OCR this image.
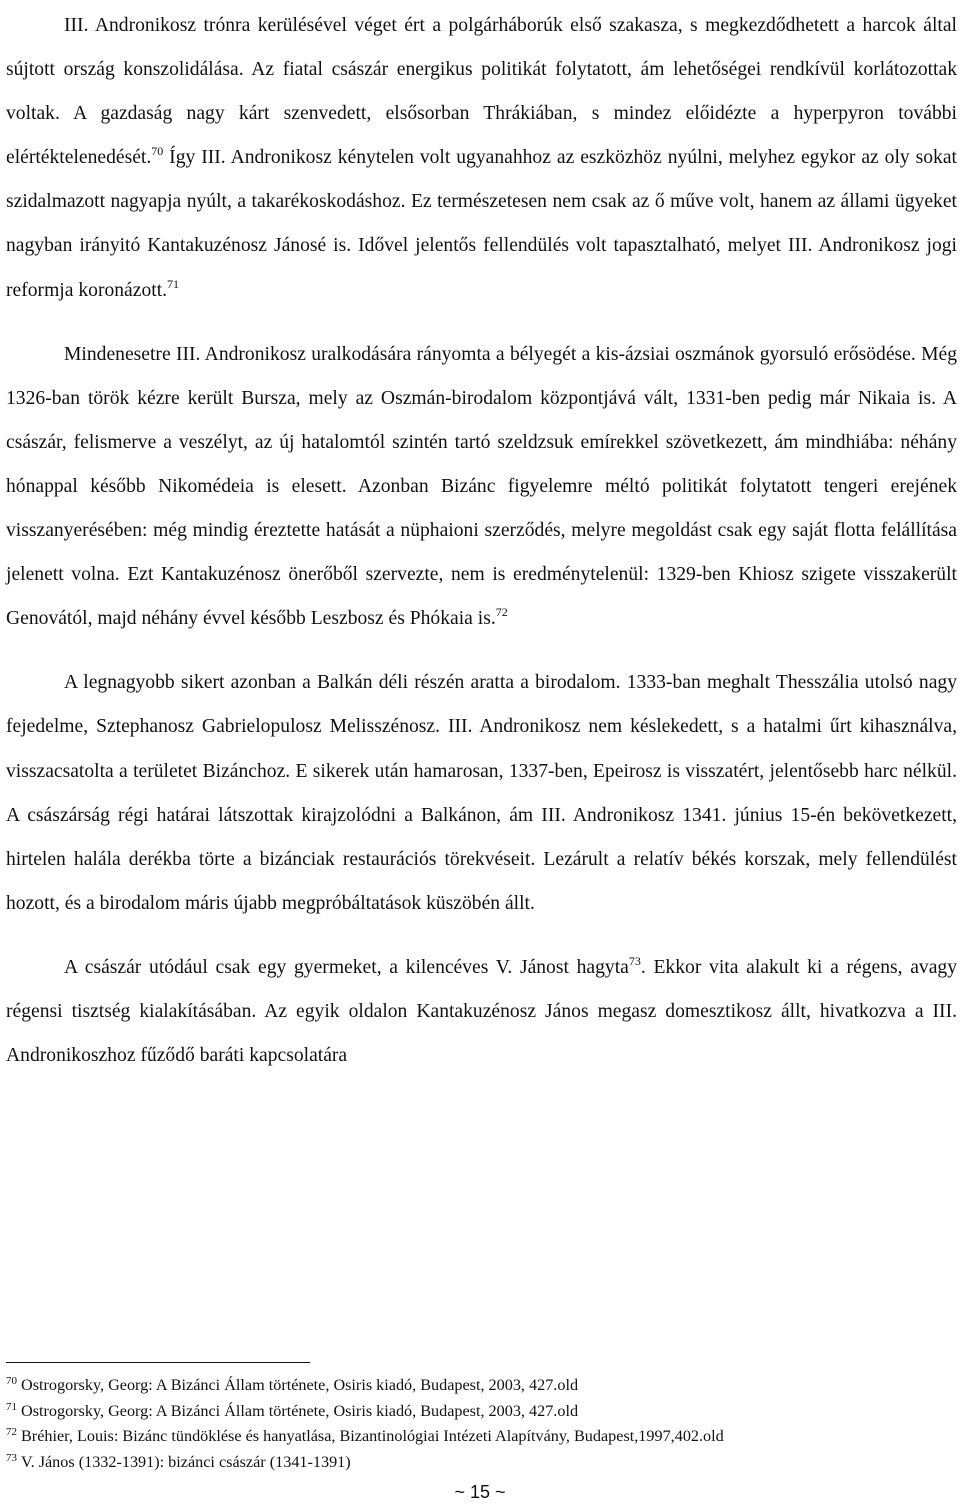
III. Andronikosz trónra kerülésével véget ért a polgárháborúk első szakasza, s megkezdődhetett a harcok által sújtott ország konszolidálása. Az fiatal császár energikus politikát folytatott, ám lehetőségei rendkívül korlátozottak voltak. A gazdaság nagy kárt szenvedett, elsősorban Thrákiában, s mindez előidézte a hyperpyron további elértéktelenedését.$^{70}$ Így III. Andronikosz kénytelen volt ugyanahhoz az eszközhöz nyúlni, melyhez egykor az oly sokat szidalmazott nagyapja nyúlt, a takarékoskodáshoz. Ez természetesen nem csak az ő műve volt, hanem az állami ügyeket nagyban irányitó Kantakuzénosz Jánosé is. Idővel jelentős fellendülés volt tapasztalható, melyet III. Andronikosz jogi reformja koronázott.$^{71}$

Mindenesetre III. Andronikosz uralkodására rányomta a bélyegét a kis-ázsiai oszmánok gyorsuló erősödése. Még 1326-ban török kézre került Bursza, mely az Oszmán-birodalom központjává vált, 1331-ben pedig már Nikaia is. A császár, felismerve a veszélyt, az új hatalomtól szintén tartó szeldzsuk emírekkel szövetkezett, ám mindhiába: néhány hónappal később Nikomédeia is elesett. Azonban Bizánc figyelemre méltó politikát folytatott tengeri erejének visszanyerésében: még mindig éreztette hatását a nüphaioni szerződés, melyre megoldást csak egy saját flotta felállítása jelenett volna. Ezt Kantakuzénosz önerőből szervezte, nem is eredménytelenül: 1329-ben Khiosz szigete visszakerült Genovától, majd néhány évvel később Leszbosz és Phókaia is.$^{72}$

A legnagyobb sikert azonban a Balkán déli részén aratta a birodalom. 1333-ban meghalt Thesszália utolsó nagy fejedelme, Sztephanosz Gabrielopulosz Melisszénosz. III. Andronikosz nem késlekedett, s a hatalmi űrt kihasználva, visszacsatolta a területet Bizánchoz. E sikerek után hamarosan, 1337-ben, Epeirosz is visszatért, jelentősebb harc nélkül. A császárság régi határai látszottak kirajzolódni a Balkánon, ám III. Andronikosz 1341. június 15-én bekövetkezett, hirtelen halála derékba törte a bizánciak restaurációs törekvéseit. Lezárult a relatív békés korszak, mely fellendülést hozott, és a birodalom máris újabb megpróbáltatások küszöbén állt.

A császár utódául csak egy gyermeket, a kilencéves V. Jánost hagyta$^{73}$. Ekkor vita alakult ki a régens, avagy régensi tisztség kialakításában. Az egyik oldalon Kantakuzénosz János megasz domesztikosz állt, hivatkozva a III. Andronikoszhoz fűződő baráti kapcsolatára

$^{70}$ Ostrogorsky, Georg: A Bizánci Állam története, Osiris kiadó, Budapest, 2003, 427.old

$^{71}$ Ostrogorsky, Georg: A Bizánci Állam története, Osiris kiadó, Budapest, 2003, 427.old

$^{72}$ Bréhier, Louis: Bizánc tündöklése és hanyatlása, Bizantinológiai Intézeti Alapítvány, Budapest,1997,402.old

$^{73}$ V. János (1332-1391): bizánci császár (1341-1391)

~ 15 ~
